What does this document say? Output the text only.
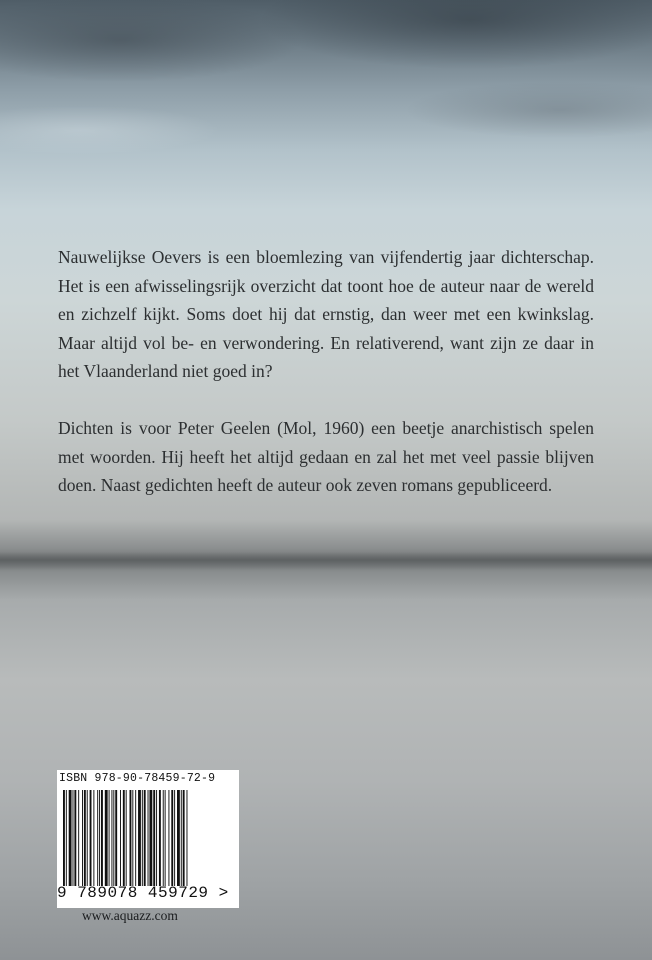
Nauwelijkse Oevers is een bloemlezing van vijfendertig jaar dichterschap. Het is een afwisselingsrijk overzicht dat toont hoe de auteur naar de wereld en zichzelf kijkt. Soms doet hij dat ernstig, dan weer met een kwinkslag. Maar altijd vol be- en verwondering. En relativerend, want zijn ze daar in het Vlaanderland niet goed in?

Dichten is voor Peter Geelen (Mol, 1960) een beetje anarchistisch spelen met woorden. Hij heeft het altijd gedaan en zal het met veel passie blijven doen. Naast gedichten heeft de auteur ook zeven romans gepubliceerd.

ISBN 978-90-78459-72-9
9 789078 459729 >
www.aquazz.com
